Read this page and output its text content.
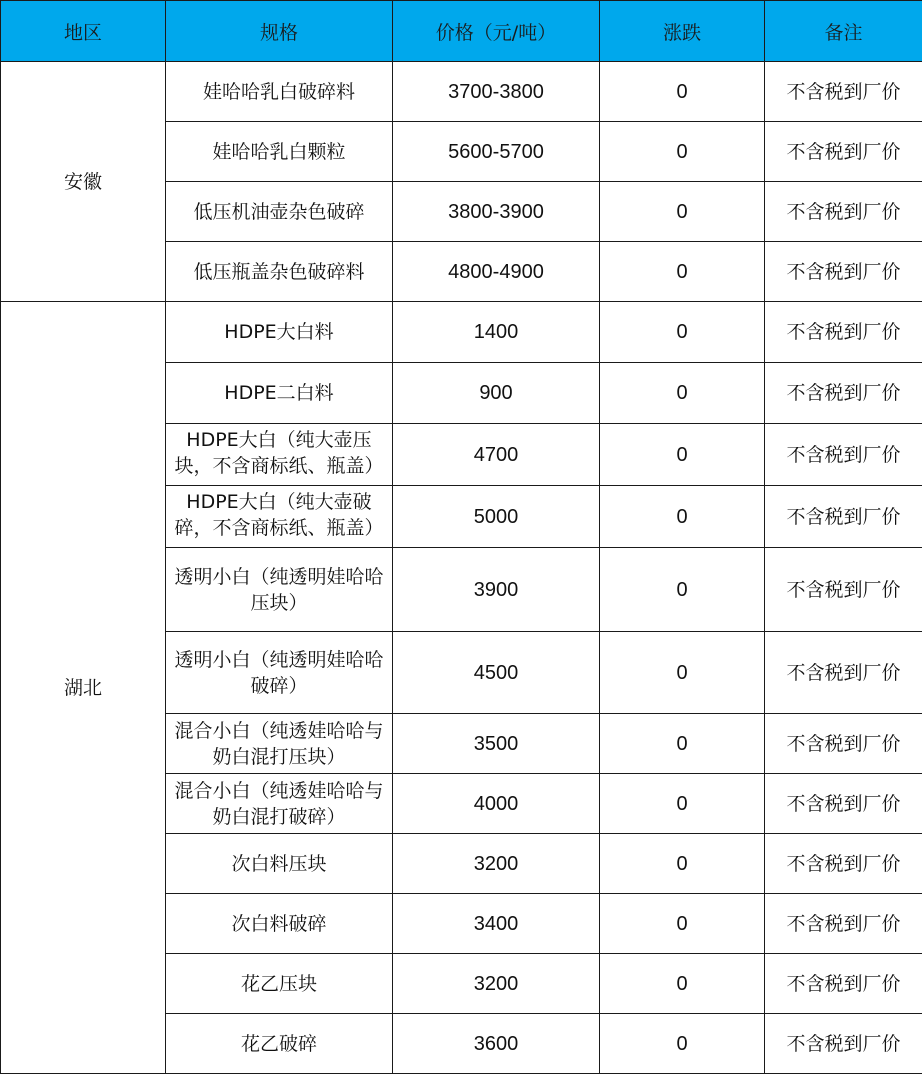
地区	规格	价格（元/吨）	涨跌	备注
安徽	娃哈哈乳白破碎料	3700-3800	0	不含税到厂价
	娃哈哈乳白颗粒	5600-5700	0	不含税到厂价
	低压机油壶杂色破碎	3800-3900	0	不含税到厂价
	低压瓶盖杂色破碎料	4800-4900	0	不含税到厂价
湖北	HDPE大白料	1400	0	不含税到厂价
	HDPE二白料	900	0	不含税到厂价

	HDPE大白（纯大壶压块，不含商标纸、瓶盖）	4700	0	不含税到厂价

	HDPE大白（纯大壶破碎，不含商标纸、瓶盖）	5000	0	不含税到厂价
	透明小白（纯透明娃哈哈压块）	3900	0	不含税到厂价
	透明小白（纯透明娃哈哈破碎）	4500	0	不含税到厂价
	混合小白（纯透娃哈哈与奶白混打压块）	3500	0	不含税到厂价
	混合小白（纯透娃哈哈与奶白混打破碎）	4000	0	不含税到厂价
	次白料压块	3200	0	不含税到厂价
	次白料破碎	3400	0	不含税到厂价
	花乙压块	3200	0	不含税到厂价
	花乙破碎	3600	0	不含税到厂价
